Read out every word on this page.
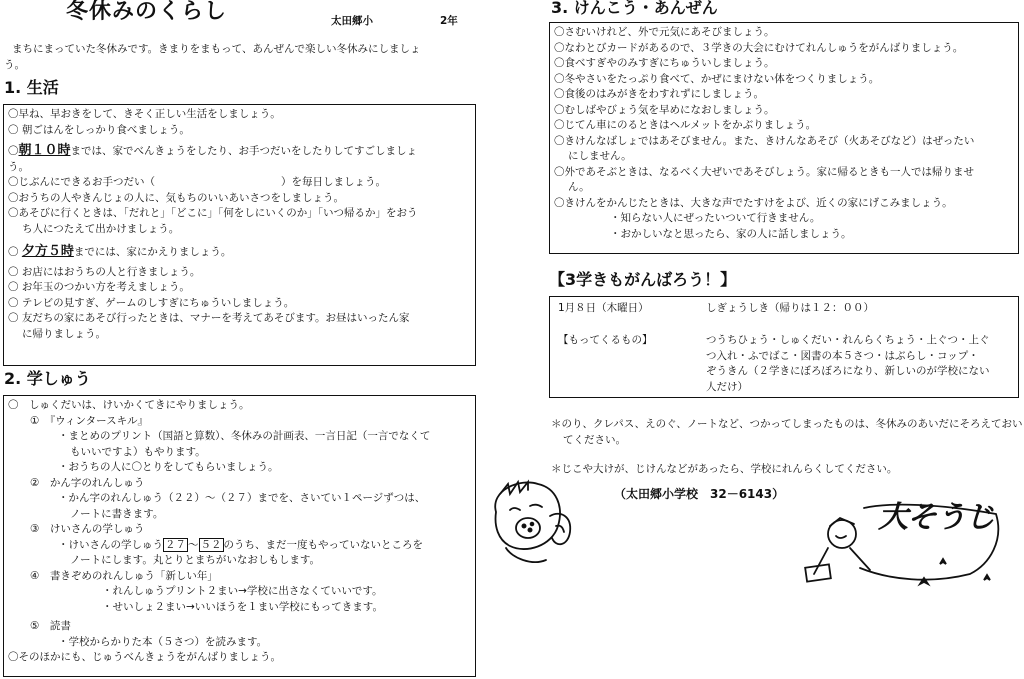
冬休みのくらし	太田郷小	2年
まちにまっていた冬休みです。きまりをまもって、あんぜんで楽しい冬休みにしましょ
う。
1. 生活
〇早ね、早おきをして、きそく正しい生活をしましょう。
〇 朝ごはんをしっかり食べましょう。
〇朝１０時までは、家でべんきょうをしたり、お手つだいをしたりしてすごしましょ
う。
〇じぶんにできるお手つだい（　　　　　　　　　　　　）を毎日しましょう。
〇おうちの人やきんじょの人に、気もちのいいあいさつをしましょう。
〇あそびに行くときは、「だれと」「どこに」「何をしにいくのか」「いつ帰るか」をおう
ち人につたえて出かけましょう。
〇 夕方５時までには、家にかえりましょう。
〇 お店にはおうちの人と行きましょう。
〇 お年玉のつかい方を考えましょう。
〇 テレビの見すぎ、ゲームのしすぎにちゅういしましょう。
〇 友だちの家にあそび行ったときは、マナーを考えてあそびます。お昼はいったん家
に帰りましょう。
2. 学しゅう
〇　しゅくだいは、けいかくてきにやりましょう。
①　『ウィンタースキル』
・まとめのプリント（国語と算数）、冬休みの計画表、一言日記（一言でなくて
もいいですよ）もやります。
・おうちの人に〇とりをしてもらいましょう。
②　かん字のれんしゅう
・かん字のれんしゅう（２２）～（２７）までを、さいてい１ページずつは、
ノートに書きます。
③　けいさんの学しゅう
・けいさんの学しゅう ２７ ～ ５２ のうち、まだ一度もやっていないところを
ノートにします。丸とりとまちがいなおしもします。
④　書きぞめのれんしゅう「新しい年」
・れんしゅうプリント２まい→学校に出さなくていいです。
・せいしょ２まい→いいほうを１まい学校にもってきます。
⑤　読書
・学校からかりた本（５さつ）を読みます。
〇そのほかにも、じゅうべんきょうをがんばりましょう。
3. けんこう・あんぜん
〇さむいけれど、外で元気にあそびましょう。
〇なわとびカードがあるので、３学きの大会にむけてれんしゅうをがんばりましょう。
〇食べすぎやのみすぎにちゅういしましょう。
〇冬やさいをたっぷり食べて、かぜにまけない体をつくりましょう。
〇食後のはみがきをわすれずにしましょう。
〇むしばやびょう気を早めになおしましょう。
〇じてん車にのるときはヘルメットをかぶりましょう。
〇きけんなばしょではあそびません。また、きけんなあそび（火あそびなど）はぜったい
にしません。
〇外であそぶときは、なるべく大ぜいであそびしょう。家に帰るときも一人では帰りませ
ん。
〇きけんをかんじたときは、大きな声でたすけをよび、近くの家にげこみましょう。
・知らない人にぜったいついて行きません。
・おかしいなと思ったら、家の人に話しましょう。
【3学きもがんばろう！】
1月８日（木曜日）	しぎょうしき（帰りは１２：００）
【もってくるもの】	つうちひょう・しゅくだい・れんらくちょう・上ぐつ・上ぐ
つ入れ・ふでばこ・図書の本５さつ・はぶらし・コップ・
ぞうきん（２学きにぼろぼろになり、新しいのが学校にない
人だけ）
＊のり、クレパス、えのぐ、ノートなど、つかってしまったものは、冬休みのあいだにそろえておい
てください。
＊じこや大けが、じけんなどがあったら、学校にれんらくしてください。
（太田郷小学校　32－6143）
大そうじ
